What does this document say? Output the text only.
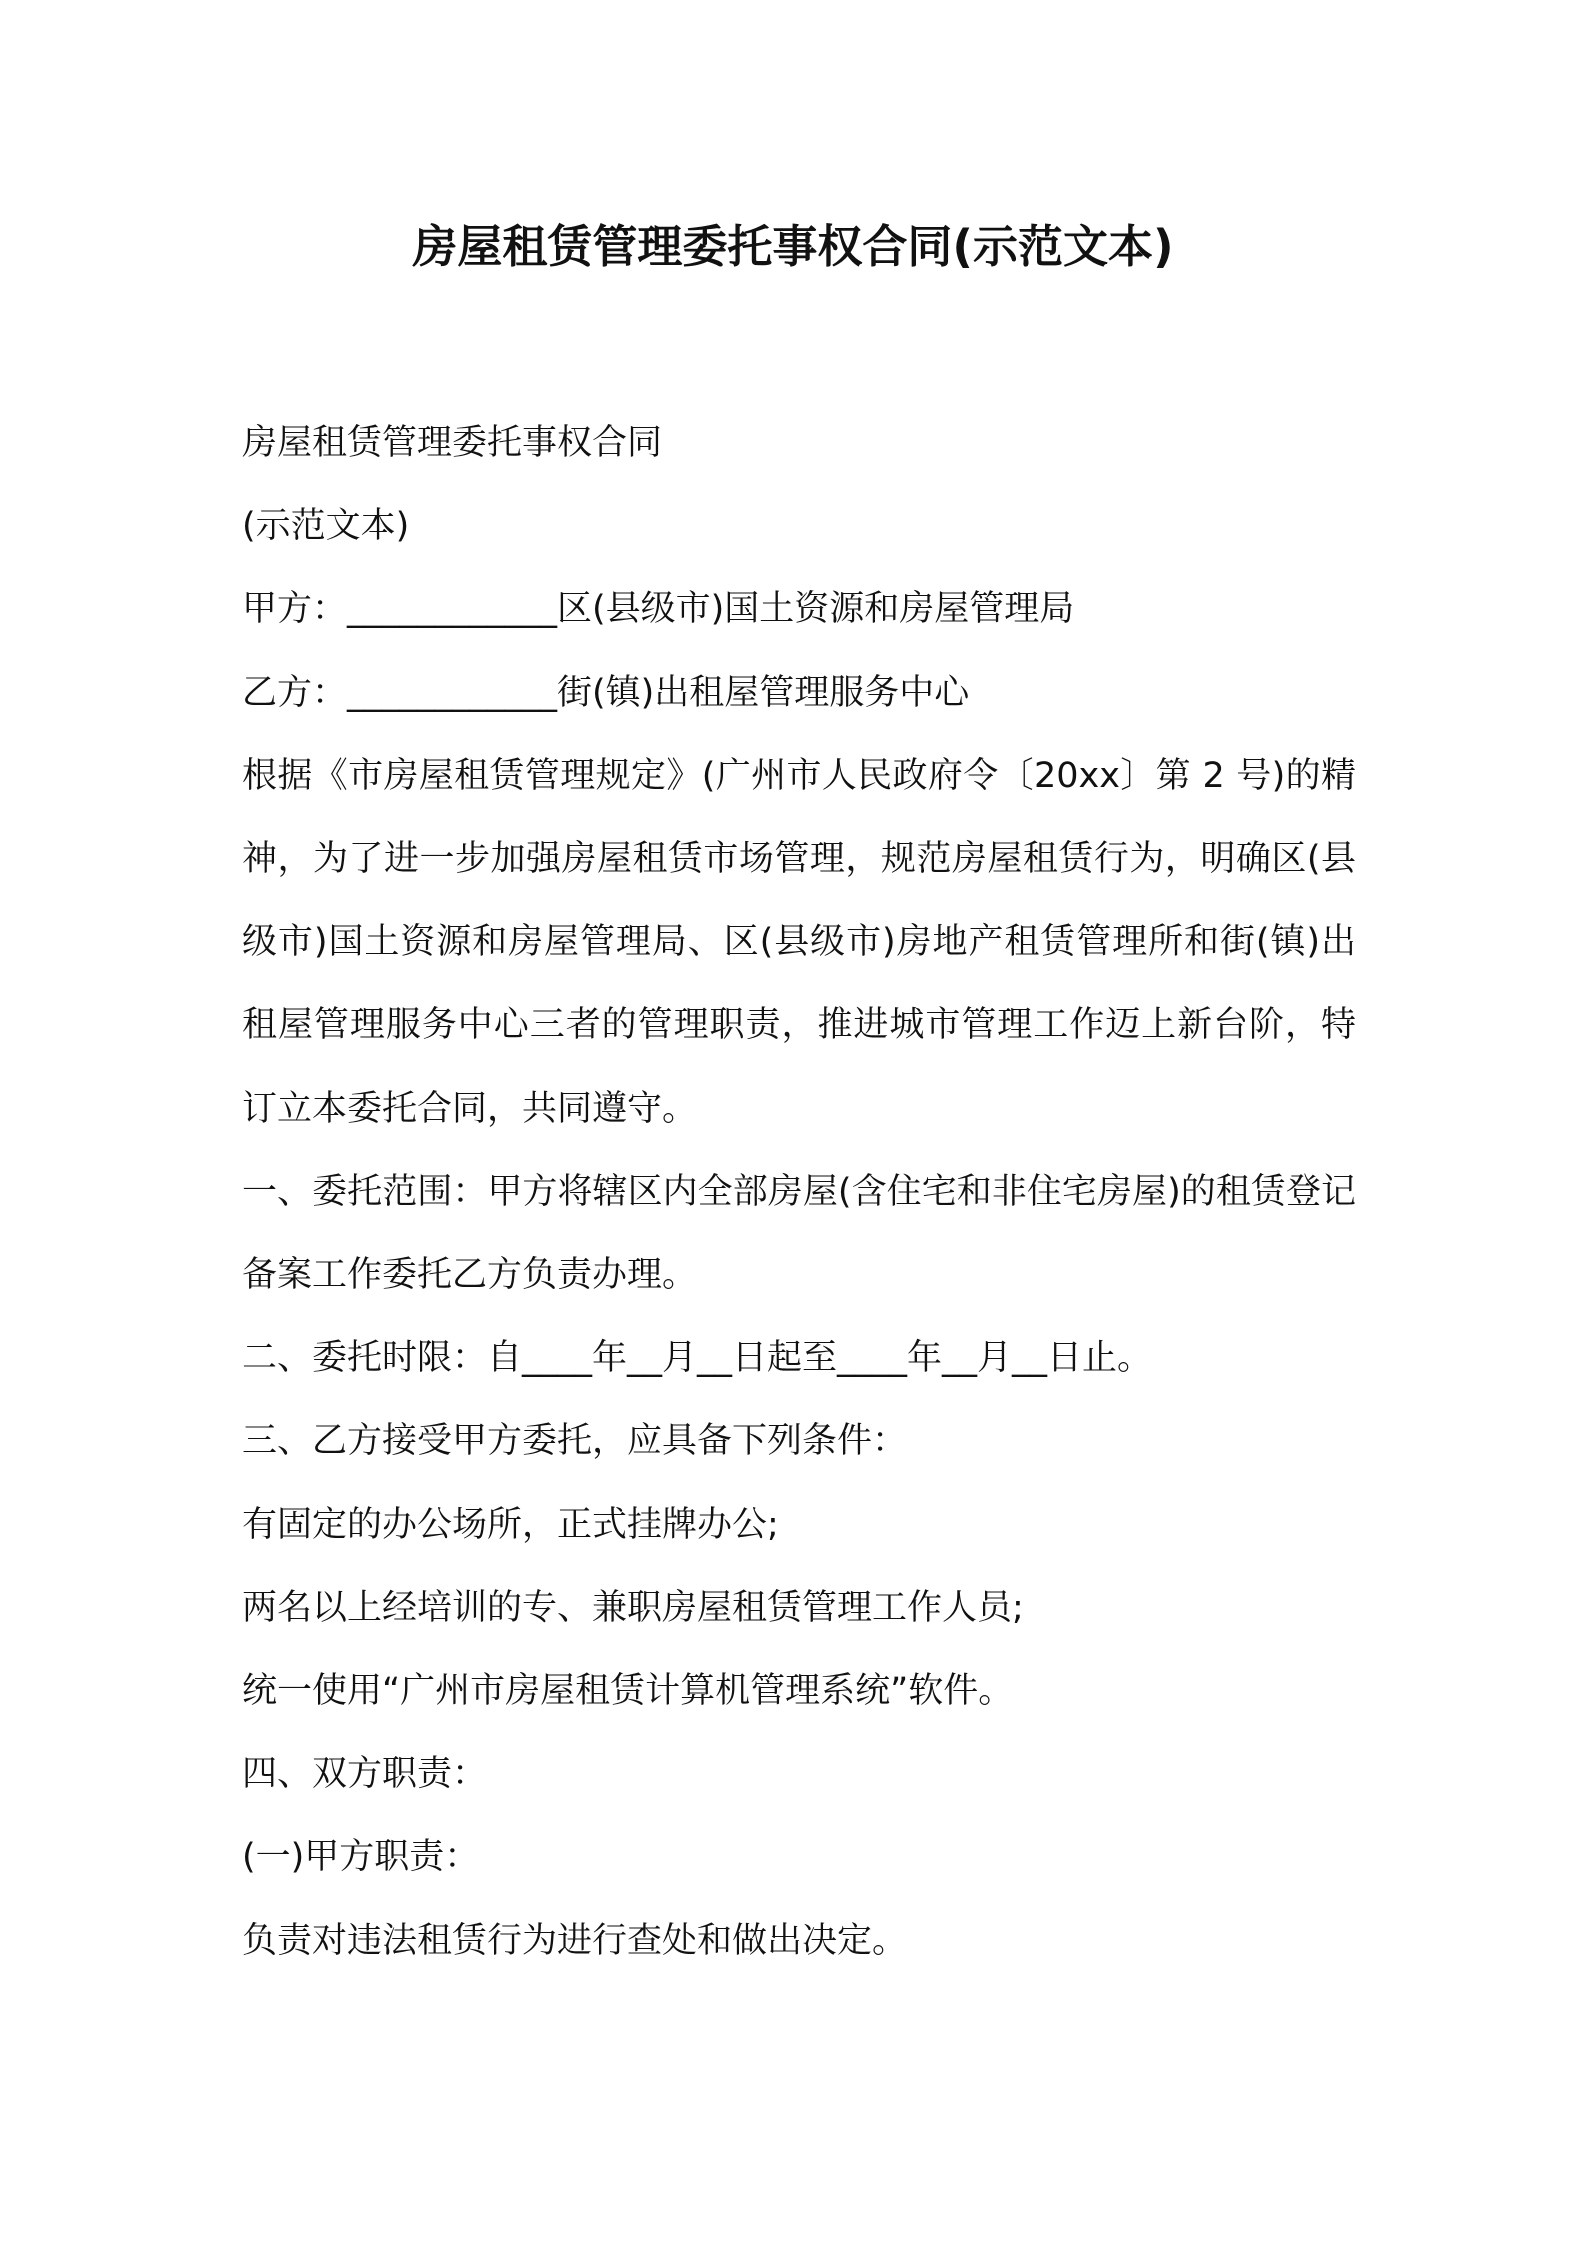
房屋租赁管理委托事权合同(示范文本)

房屋租赁管理委托事权合同

(示范文本)

甲方：____________区(县级市)国土资源和房屋管理局

乙方：____________街(镇)出租屋管理服务中心

根据《市房屋租赁管理规定》(广州市人民政府令〔20xx〕第 2 号)的精神，为了进一步加强房屋租赁市场管理，规范房屋租赁行为，明确区(县级市)国土资源和房屋管理局、区(县级市)房地产租赁管理所和街(镇)出租屋管理服务中心三者的管理职责，推进城市管理工作迈上新台阶，特订立本委托合同，共同遵守。

一、委托范围：甲方将辖区内全部房屋(含住宅和非住宅房屋)的租赁登记备案工作委托乙方负责办理。

二、委托时限：自____年__月__日起至____年__月__日止。

三、乙方接受甲方委托，应具备下列条件：

有固定的办公场所，正式挂牌办公;

两名以上经培训的专、兼职房屋租赁管理工作人员;

统一使用“广州市房屋租赁计算机管理系统”软件。

四、双方职责：

(一)甲方职责：

负责对违法租赁行为进行查处和做出决定。
